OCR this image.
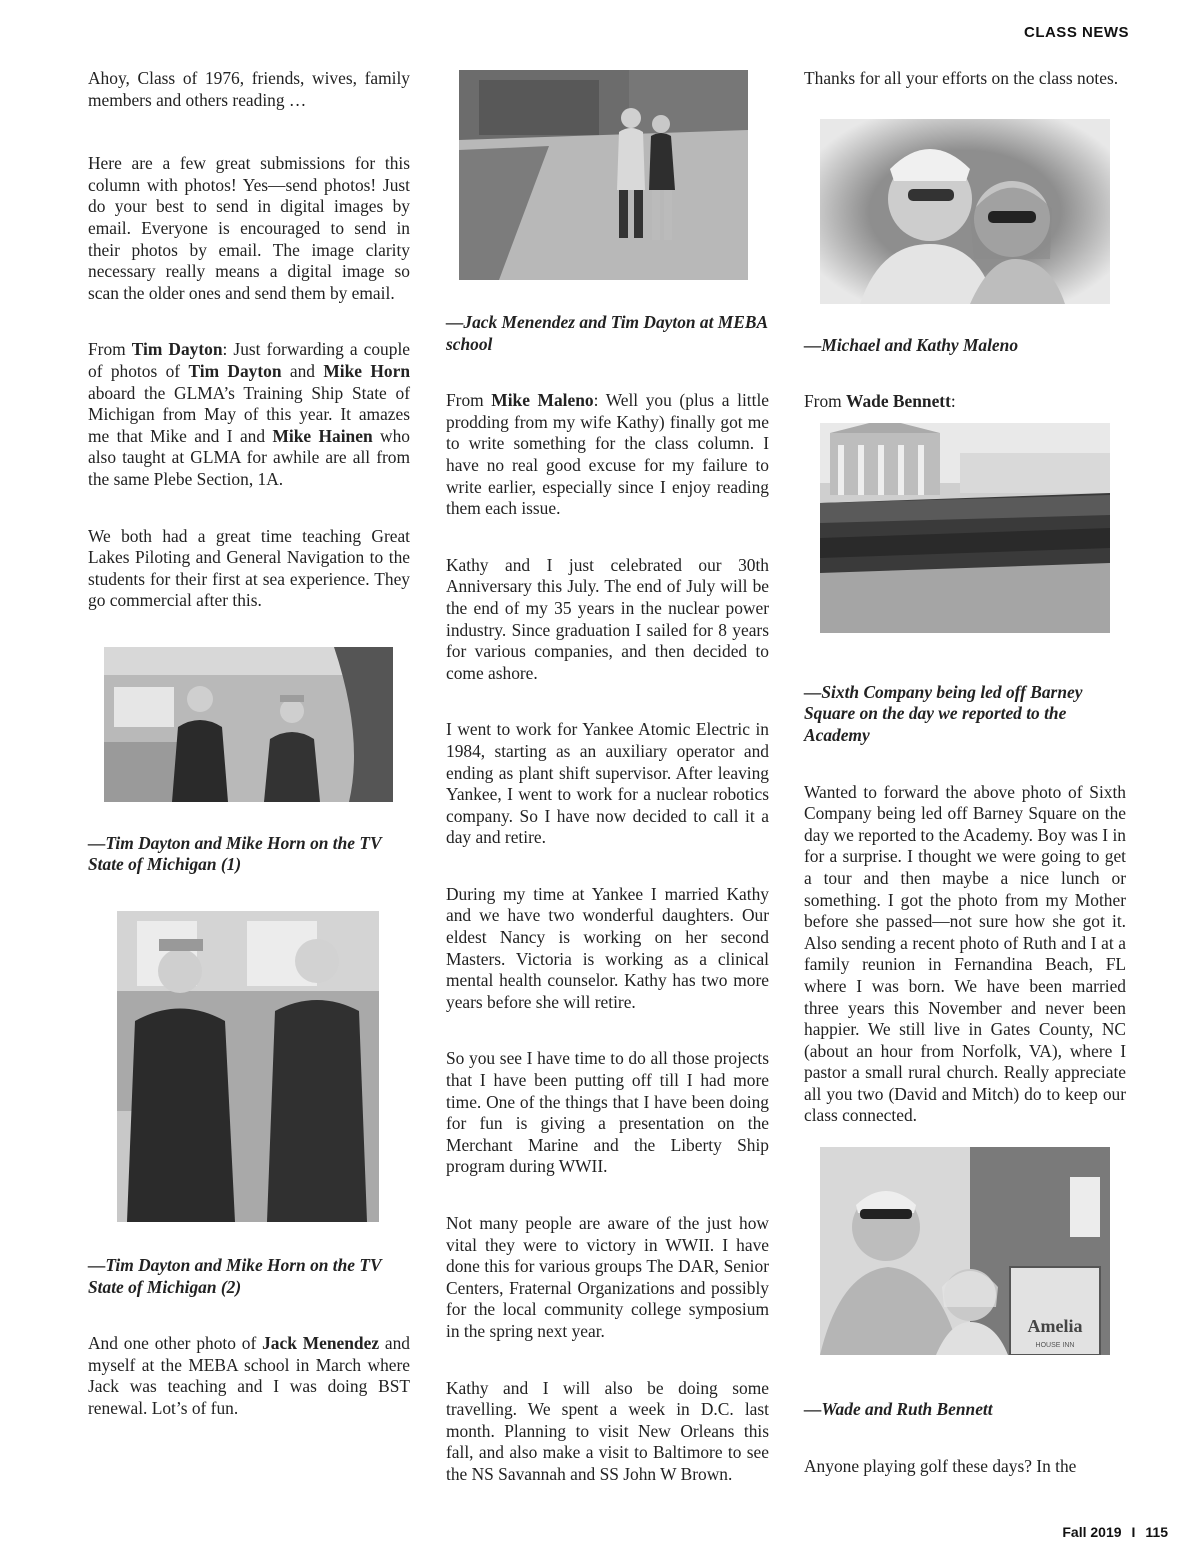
CLASS NEWS

Ahoy, Class of 1976, friends, wives, family members and others reading …

Here are a few great submissions for this column with photos! Yes—send photos! Just do your best to send in digital images by email. Everyone is encouraged to send in their photos by email. The image clarity necessary really means a digital image so scan the older ones and send them by email.

From Tim Dayton: Just forwarding a couple of photos of Tim Dayton and Mike Horn aboard the GLMA’s Training Ship State of Michigan from May of this year. It amazes me that Mike and I and Mike Hainen who also taught at GLMA for awhile are all from the same Plebe Section, 1A.

We both had a great time teaching Great Lakes Piloting and General Navigation to the students for their first at sea experience. They go commercial after this.

—Tim Dayton and Mike Horn on the TV State of Michigan (1)

—Tim Dayton and Mike Horn on the TV State of Michigan (2)

And one other photo of Jack Menendez and myself at the MEBA school in March where Jack was teaching and I was doing BST renewal. Lot’s of fun.

—Jack Menendez and Tim Dayton at MEBA school

From Mike Maleno: Well you (plus a little prodding from my wife Kathy) finally got me to write something for the class column. I have no real good excuse for my failure to write earlier, especially since I enjoy reading them each issue.

Kathy and I just celebrated our 30th Anniversary this July. The end of July will be the end of my 35 years in the nuclear power industry. Since graduation I sailed for 8 years for various companies, and then decided to come ashore.

I went to work for Yankee Atomic Electric in 1984, starting as an auxiliary operator and ending as plant shift supervisor. After leaving Yankee, I went to work for a nuclear robotics company. So I have now decided to call it a day and retire.

During my time at Yankee I married Kathy and we have two wonderful daughters. Our eldest Nancy is working on her second Masters. Victoria is working as a clinical mental health counselor. Kathy has two more years before she will retire.

So you see I have time to do all those projects that I have been putting off till I had more time. One of the things that I have been doing for fun is giving a presentation on the Merchant Marine and the Liberty Ship program during WWII.

Not many people are aware of the just how vital they were to victory in WWII. I have done this for various groups The DAR, Senior Centers, Fraternal Organizations and possibly for the local community college symposium in the spring next year.

Kathy and I will also be doing some travelling. We spent a week in D.C. last month. Planning to visit New Orleans this fall, and also make a visit to Baltimore to see the NS Savannah and SS John W Brown.

Thanks for all your efforts on the class notes.

—Michael and Kathy Maleno

From Wade Bennett:

—Sixth Company being led off Barney Square on the day we reported to the Academy

Wanted to forward the above photo of Sixth Company being led off Barney Square on the day we reported to the Academy. Boy was I in for a surprise. I thought we were going to get a tour and then maybe a nice lunch or something. I got the photo from my Mother before she passed—not sure how she got it. Also sending a recent photo of Ruth and I at a family reunion in Fernandina Beach, FL where I was born. We have been married three years this November and never been happier. We still live in Gates County, NC (about an hour from Norfolk, VA), where I pastor a small rural church. Really appreciate all you two (David and Mitch) do to keep our class connected.

Amelia
HOUSE INN

—Wade and Ruth Bennett

Anyone playing golf these days? In the

Fall 2019 I 115
